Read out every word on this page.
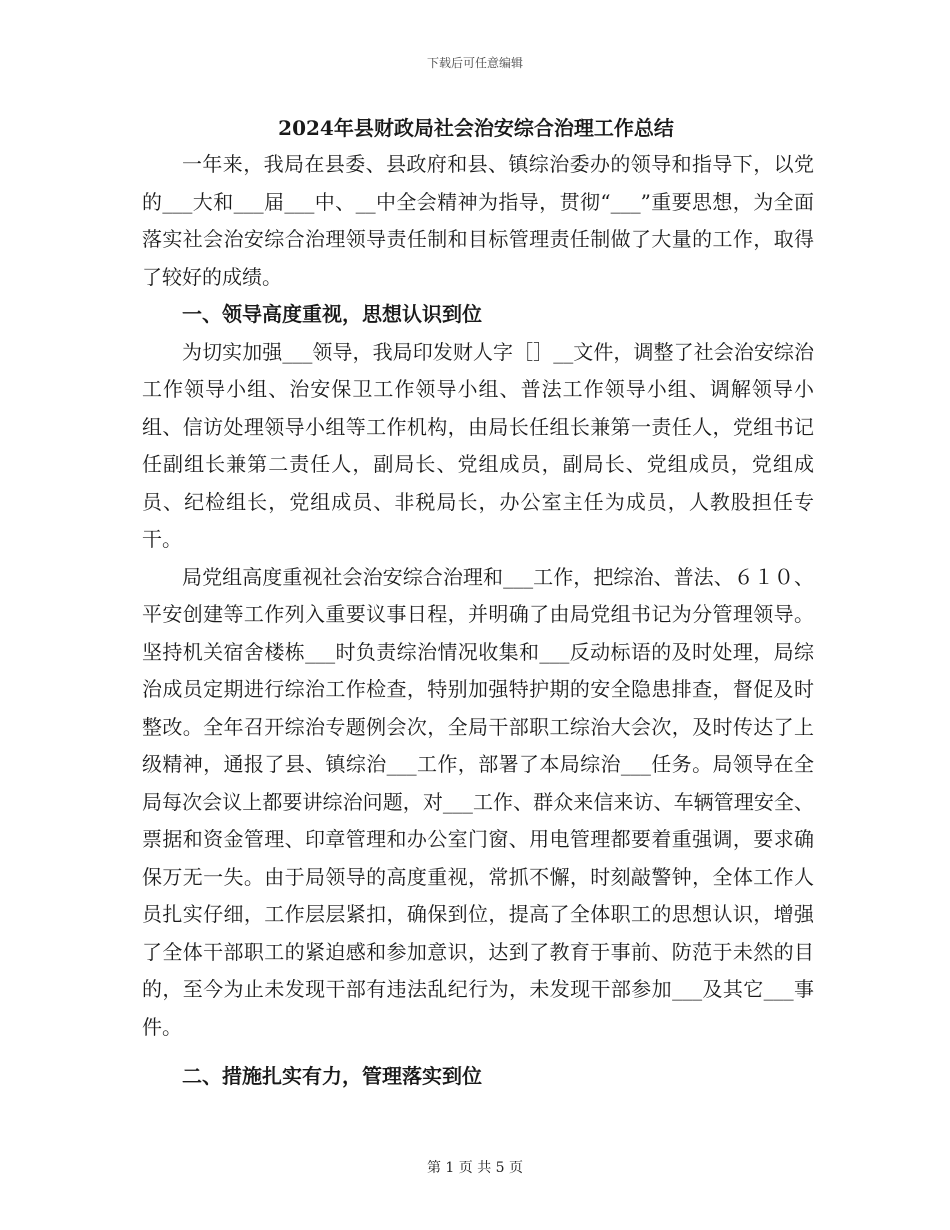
下载后可任意编辑
2024年县财政局社会治安综合治理工作总结

一年来，我局在县委、县政府和县、镇综治委办的领导和指导下，以党的___大和___届___中、__中全会精神为指导，贯彻“___”重要思想，为全面落实社会治安综合治理领导责任制和目标管理责任制做了大量的工作，取得了较好的成绩。

一、领导高度重视，思想认识到位

为切实加强___领导，我局印发财人字［］__文件，调整了社会治安综治工作领导小组、治安保卫工作领导小组、普法工作领导小组、调解领导小组、信访处理领导小组等工作机构，由局长任组长兼第一责任人，党组书记任副组长兼第二责任人，副局长、党组成员，副局长、党组成员，党组成员、纪检组长，党组成员、非税局长，办公室主任为成员，人教股担任专干。

局党组高度重视社会治安综合治理和___工作，把综治、普法、６１０、平安创建等工作列入重要议事日程，并明确了由局党组书记为分管理领导。坚持机关宿舍楼栋___时负责综治情况收集和___反动标语的及时处理，局综治成员定期进行综治工作检查，特别加强特护期的安全隐患排查，督促及时整改。全年召开综治专题例会次，全局干部职工综治大会次，及时传达了上级精神，通报了县、镇综治___工作，部署了本局综治___任务。局领导在全局每次会议上都要讲综治问题，对___工作、群众来信来访、车辆管理安全、票据和资金管理、印章管理和办公室门窗、用电管理都要着重强调，要求确保万无一失。由于局领导的高度重视，常抓不懈，时刻敲警钟，全体工作人员扎实仔细，工作层层紧扣，确保到位，提高了全体职工的思想认识，增强了全体干部职工的紧迫感和参加意识，达到了教育于事前、防范于未然的目的，至今为止未发现干部有违法乱纪行为，未发现干部参加___及其它___事件。

二、措施扎实有力，管理落实到位
第 1 页 共 5 页
